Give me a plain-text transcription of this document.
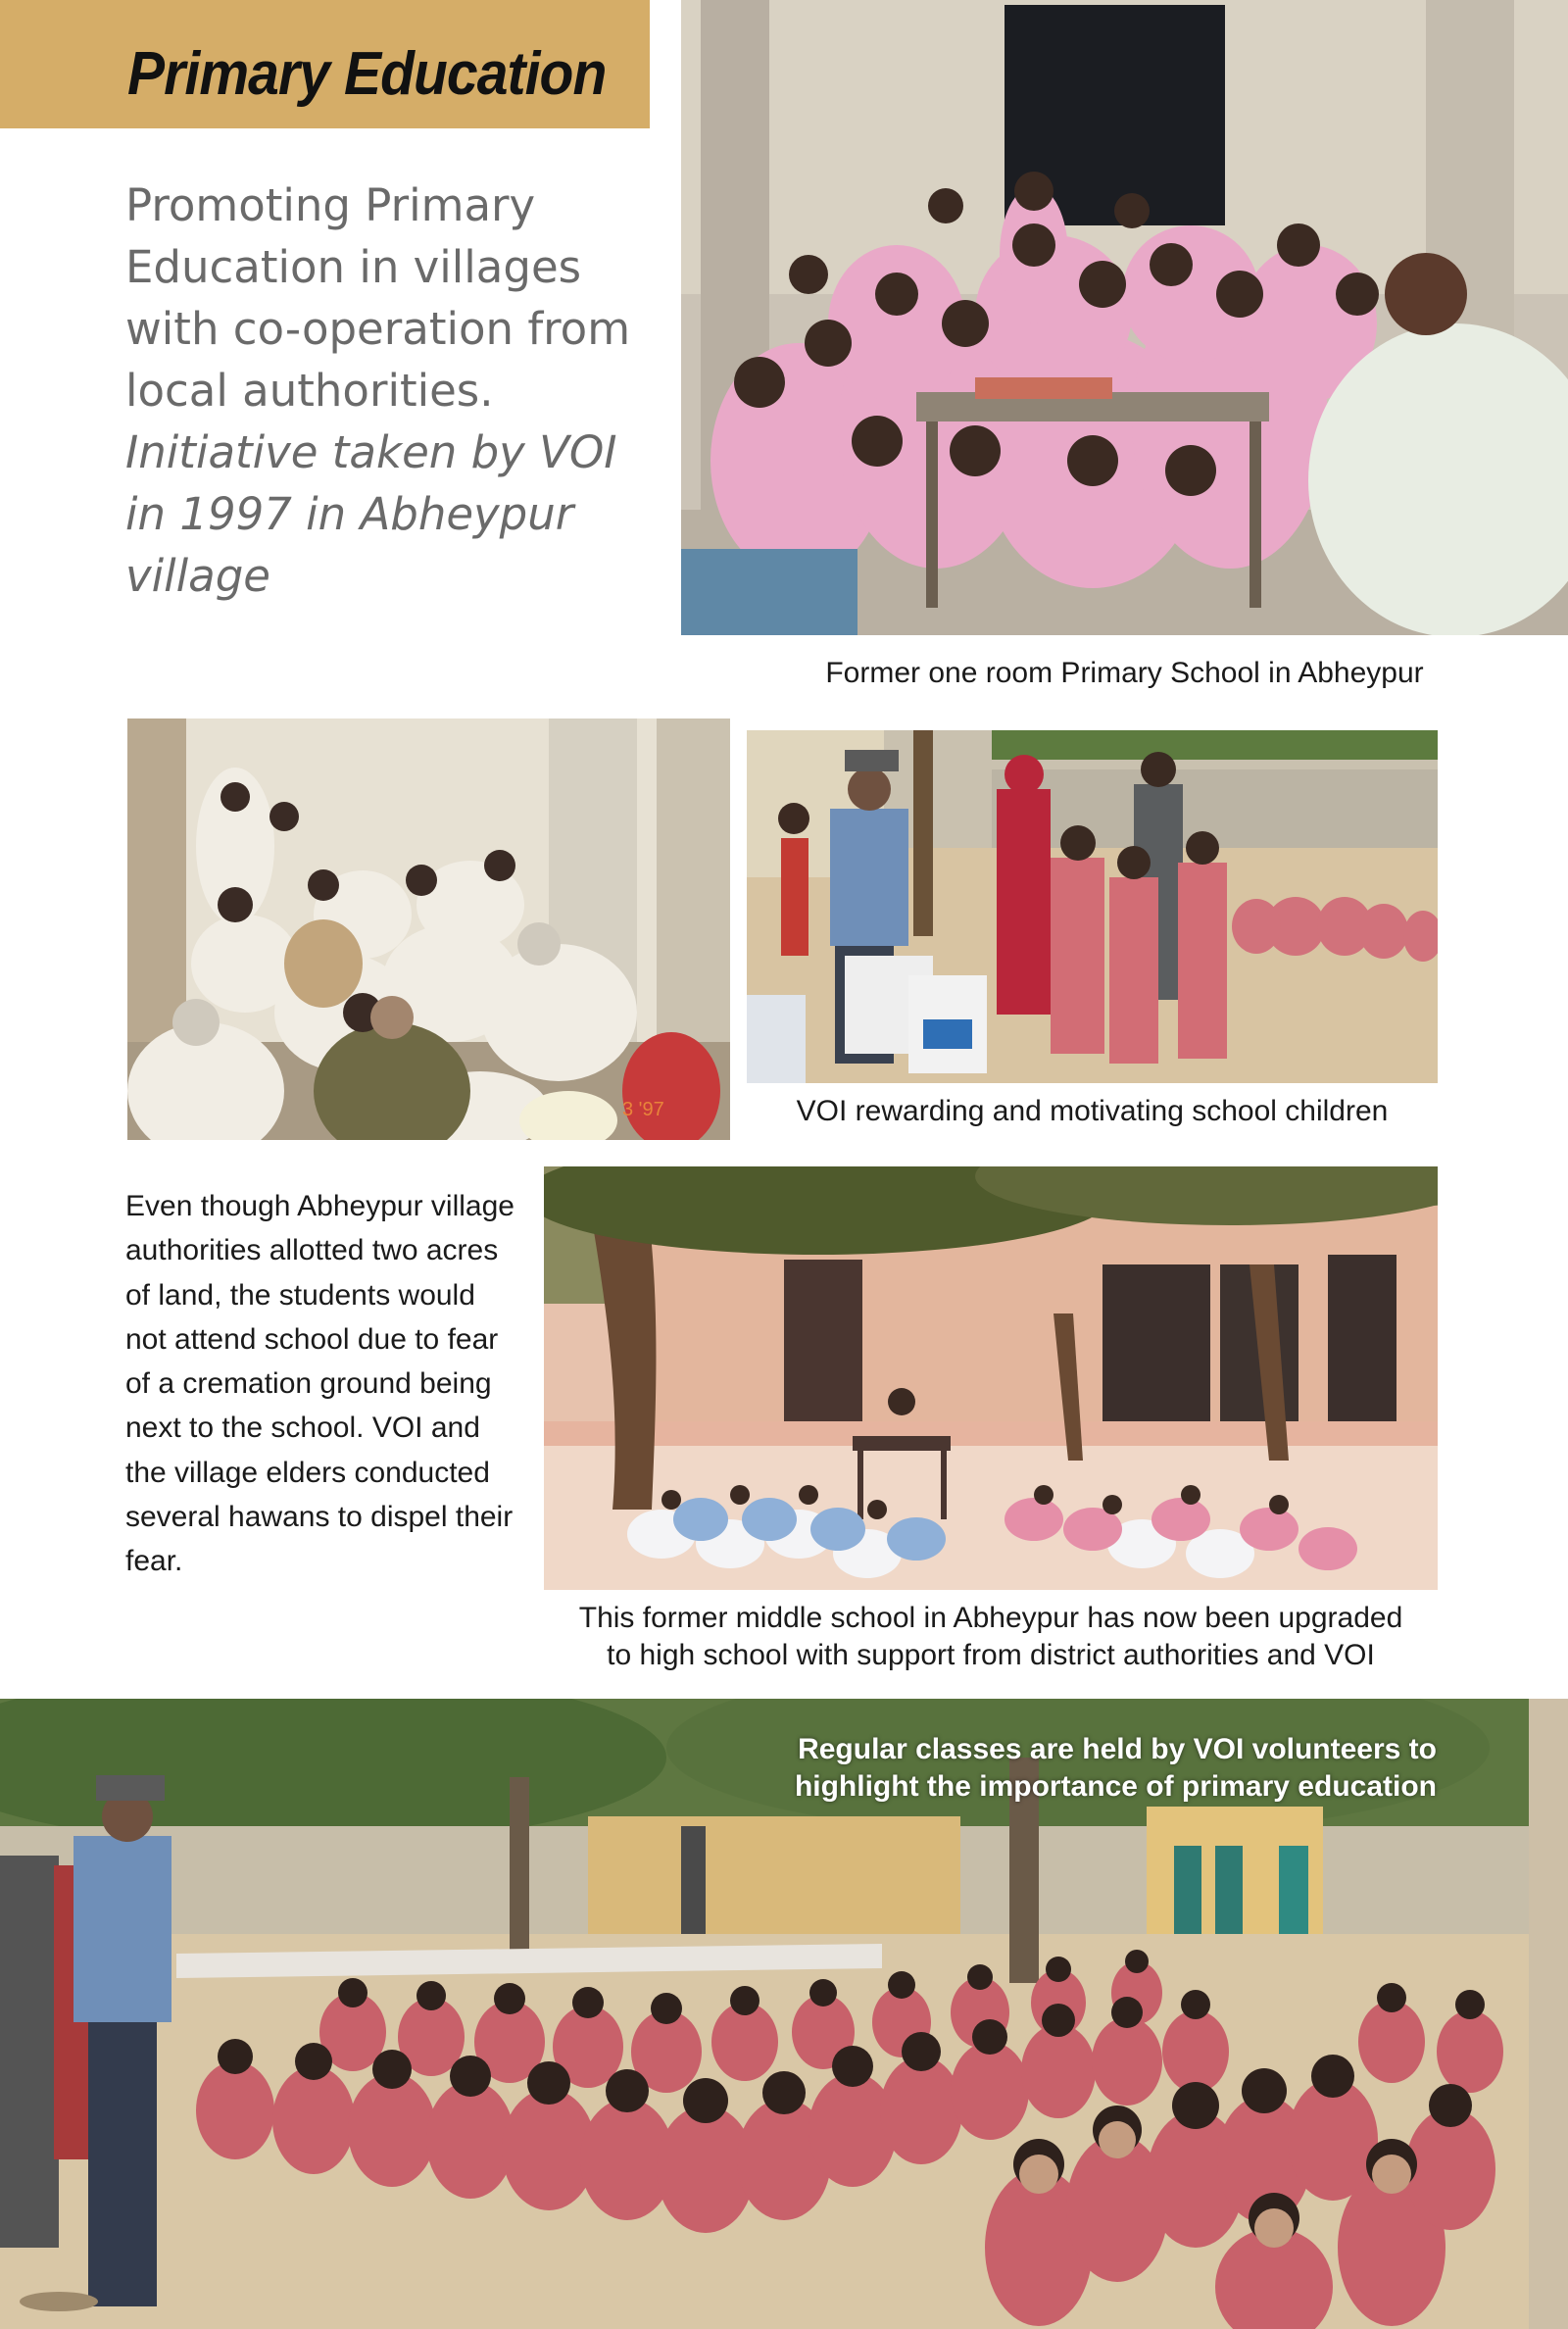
Primary Education
Promoting Primary Education in villages with co-operation from local authorities.
Initiative taken by VOI in 1997 in Abheypur village
Former one room Primary School in Abheypur
3 '97	VOI rewarding and motivating school children
Even though Abheypur village authorities allotted two acres of land, the students would not attend school due to fear of a cremation ground being next to the school. VOI and the village elders conducted several hawans to dispel their fear.
This former middle school in Abheypur has now been upgraded
to high school with support from district authorities and VOI
Regular classes are held by VOI volunteers to
highlight the importance of primary education
